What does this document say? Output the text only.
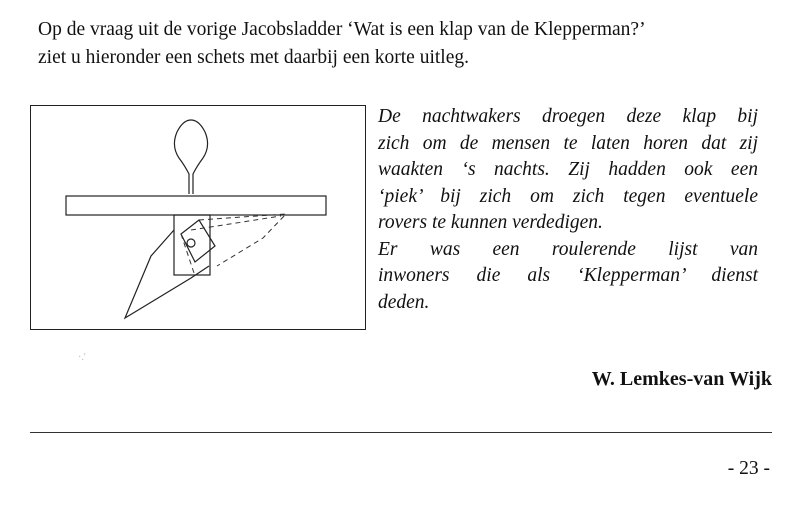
Op de vraag uit de vorige Jacobsladder ‘Wat is een klap van de Klepperman?’
ziet u hieronder een schets met daarbij een korte uitleg.
De nachtwakers droegen deze klap bij
zich om de mensen te laten horen dat zij
waakten ‘s nachts. Zij hadden ook een
‘piek’ bij zich om zich tegen eventuele
rovers te kunnen verdedigen.
Er was een roulerende lijst van
inwoners die als ‘Klepperman’ dienst
deden.
·.'
W. Lemkes-van Wijk
- 23 -
